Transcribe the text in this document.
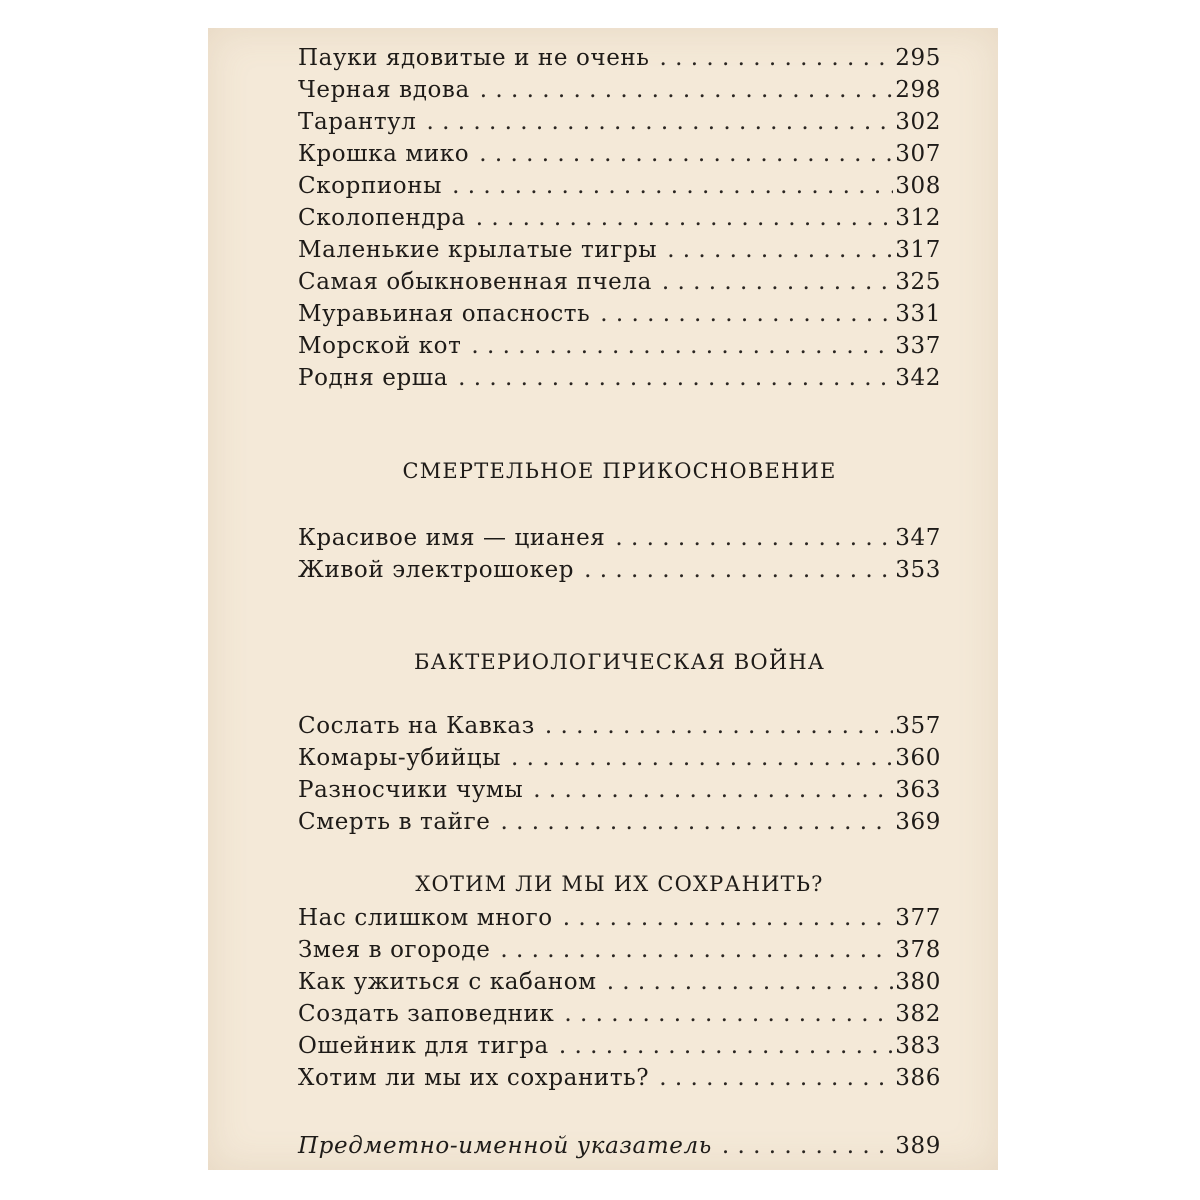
Пауки ядовитые и не очень . . .	295
Черная вдова . . .	298
Тарантул . . .	302
Крошка мико . . .	307
Скорпионы . . .	308
Сколопендра . . .	312
Маленькие крылатые тигры . . .	317
Самая обыкновенная пчела . . .	325
Муравьиная опасность . . .	331
Морской кот . . .	337
Родня ерша . . .	342
СМЕРТЕЛЬНОЕ ПРИКОСНОВЕНИЕ
Красивое имя — цианея . . .	347
Живой электрошокер . . .	353
БАКТЕРИОЛОГИЧЕСКАЯ ВОЙНА
Сослать на Кавказ . . .	357
Комары-убийцы . . .	360
Разносчики чумы . . .	363
Смерть в тайге . . .	369
ХОТИМ ЛИ МЫ ИХ СОХРАНИТЬ?
Нас слишком много . . .	377
Змея в огороде . . .	378
Как ужиться с кабаном . . .	380
Создать заповедник . . .	382
Ошейник для тигра . . .	383
Хотим ли мы их сохранить? . . .	386
Предметно-именной указатель . . .	389
